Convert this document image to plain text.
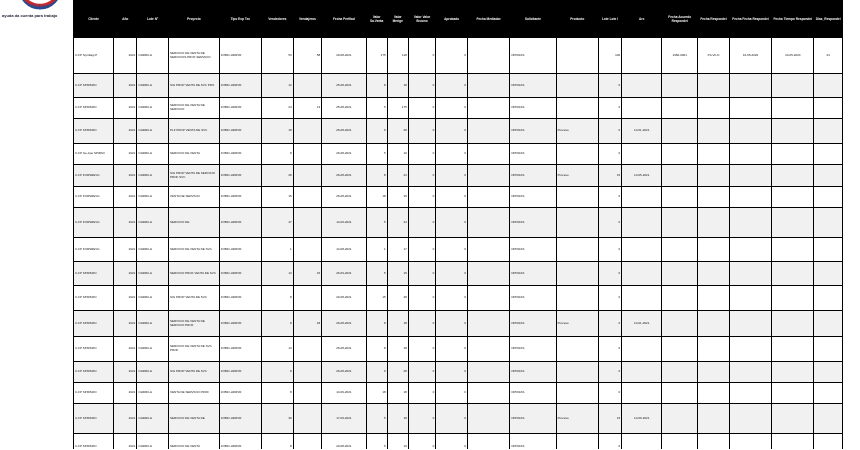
Trabajo
ayuda da cuenta para trabajo
Cliente	Año	Lote N°	Proyecto	Tipo Exp Tec	Vendedores	Vendajeros	Fecha Perfilad	Valor Sa.Venta	Valor Merige	Valor Valor Bruono	Aprobado	Fecha Mediador	Solicitante	Producto	Lote Lote I	Arc	Fecha Acuerdo Respondei	Fecha Respondei	Fecha Fecha Respondei	Fecha Tiempo Respondei	Dias_Respondei
C-FP Nycdtagi P	2021	OHDR0-H	SERVICIO DE VENTA DE SERVICIOS PROF SERVICIO	JOBIO-HDRVR	53	58	20-08-2021	175	118	0	0		OPFIRAS		100		1960-0001	FS-VF-D	10-05-2020	10-05-2020	24
C-FP SPIRS3IO	2021	OHDR0-H	SIG PROP VENTA DE SVC PRO	JOBIO-HDRVR	12		25-08-2021	8	18	0	0		OPFIRAS		0						
C-FP SPIRS3IO	2021	OHDR0-H	SERVICIO DE VENTA DE SERVICIO	JOBIO-HDRVR	24	13	25-08-2021	5	175	0	0		OPFIRAS		0						
C-FP SPIRS3IO	2021	OHDR0-H	PLF PROP VENTA DE SVC	JOBIO-HDRVR	18		26-08-2021	9	28	0	0		OPFIRAS	Proceso	0	10-01-2021					
C-FP Ge-Ape SPIRS3	2021	OHDR0-H	SERVICIO DE VENTA	JOBIO-HDRVR	8		26-08-2021	5	19	0	0		OPFIRAS		0						
C-FP FORSREVG	2021	OHDR0-H	SIG PROP VENTA DE SERVICIO PROF SVC	JOBIO-HDRVR	28		26-08-2021	8	24	0	0		OPFIRAS	Proceso	15	10-05-2021					
C-FP FORSREVG	2021	OHDR0-H	VENTA DE SERVICIO	JOBIO-HDRVR	15		26-08-2021	18	15	0	0		OPFIRAS		0						
C-FP FORSREVG	2021	OHDR0-H	SERVICIO DE	JOBIO-HDRVR	47		14-09-2021	5	24	0	0		OPFIRAS		0						
C-FP FORSREVG	2021	OHDR0-H	SERVICIO DE VENTA DE SVC	JOBIO-HDRVR	1		14-08-2021	1	17	0	0		OPFIRAS		0						
C-FP SPIRS3IO	2021	OHDR0-H	SERVICIO PROF VENTA DE SVC	JOBIO-HDRVR	13	15	26-09-2021	5	15	0	0		OPFIRAS		0						
C-FP SPIRS3IO	2021	OHDR0-H	SIG PROP VENTA DE SVC	JOBIO-HDRVR	8		20-08-2021	15	28	0	0		OPFIRAS		0						
C-FP SPIRS3IO	2021	OHDR0-H	SERVICIO DE VENTA DE SERVICIO PROF	JOBIO-HDRVR	8	18	26-08-2021	8	18	0	0		OPFIRAS	Proceso	0	10-01-2021					
C-FP SPIRS3IO	2021	OHDR0-H	SERVICIO DE VENTA DE SVC PROF	JOBIO-HDRVR	13		26-08-2021	8	18	0	0		OPFIRAS		0						
C-FP SPIRS3IO	2021	OHDR0-H	SIG PROP VENTA DE SVC	JOBIO-HDRVR	8		26-08-2021	9	28	0	0		OPFIRAS		0						
C-FP SPIRS3IO	2021	OHDR0-H	VENTA DE SERVICIO PROF	JOBIO-HDRVR	8		14-09-2021	18	18	0	0		OPFIRAS		0						
C-FP SPIRS3IO	2021	OHDR0-H	SERVICIO DE VENTA DE	JOBIO-HDRVR	39		17-09-2021	5	18	0	0		OPFIRAS	Proceso	15	10-09-2021					
C-FP SPIRS3IO	2021	OHDR0-H	SERVICIO DE VENTA	JOBIO-HDRVR	8		20-08-2021	5	19	0	0		OPFIRAS		0						
